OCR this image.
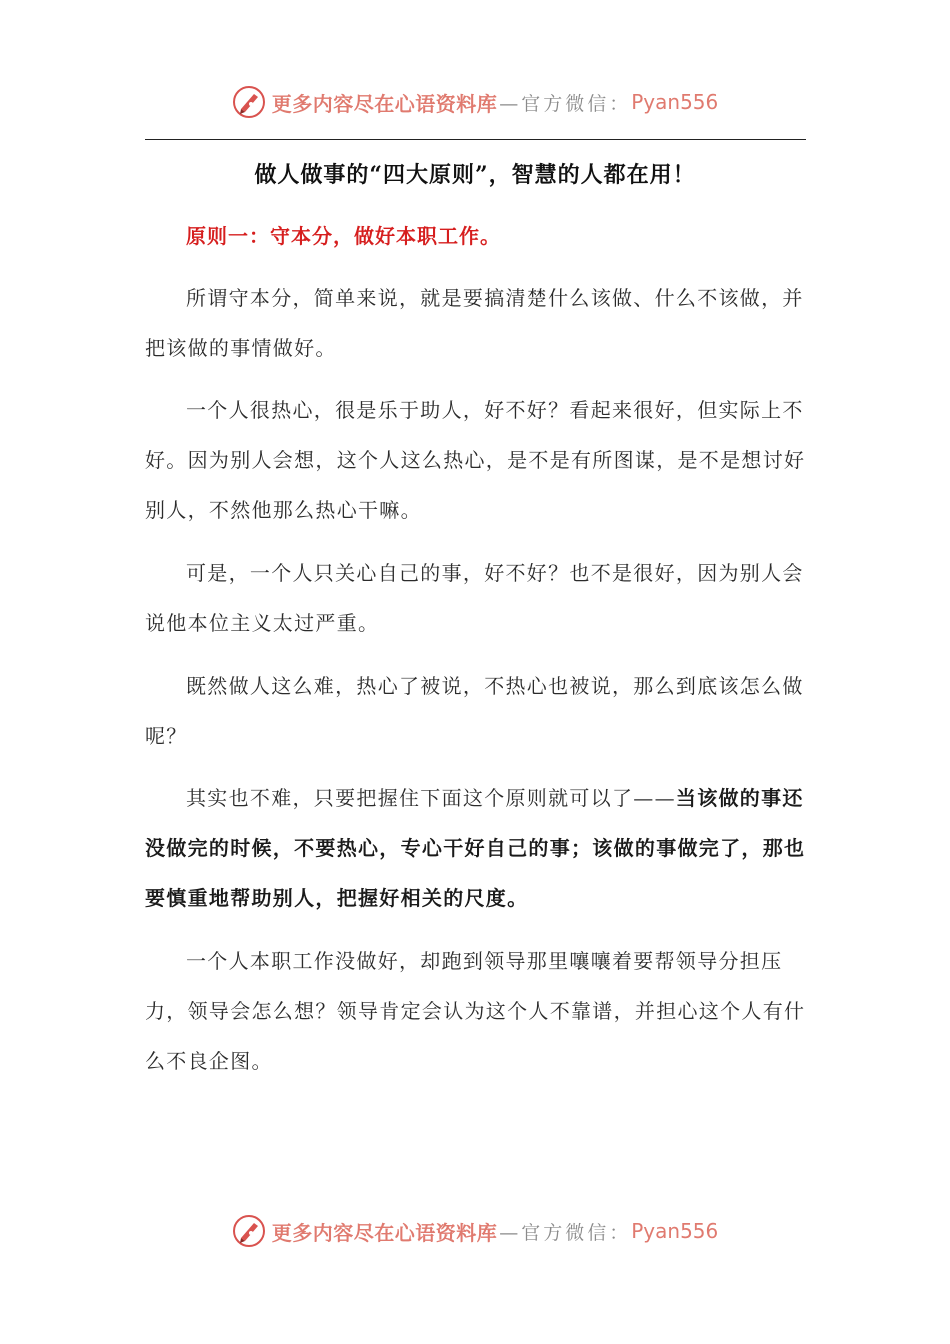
更多内容尽在心语资料库 —官方微信： Pyan556
做人做事的“四大原则”，智慧的人都在用！
原则一：守本分，做好本职工作。

所谓守本分，简单来说，就是要搞清楚什么该做、什么不该做，并把该做的事情做好。

一个人很热心，很是乐于助人，好不好？看起来很好，但实际上不好。因为别人会想，这个人这么热心，是不是有所图谋，是不是想讨好别人，不然他那么热心干嘛。

可是，一个人只关心自己的事，好不好？也不是很好，因为别人会说他本位主义太过严重。

既然做人这么难，热心了被说，不热心也被说，那么到底该怎么做呢？

其实也不难，只要把握住下面这个原则就可以了——当该做的事还没做完的时候，不要热心，专心干好自己的事；该做的事做完了，那也要慎重地帮助别人，把握好相关的尺度。

一个人本职工作没做好，却跑到领导那里嚷嚷着要帮领导分担压力，领导会怎么想？领导肯定会认为这个人不靠谱，并担心这个人有什么不良企图。

更多内容尽在心语资料库 —官方微信： Pyan556
